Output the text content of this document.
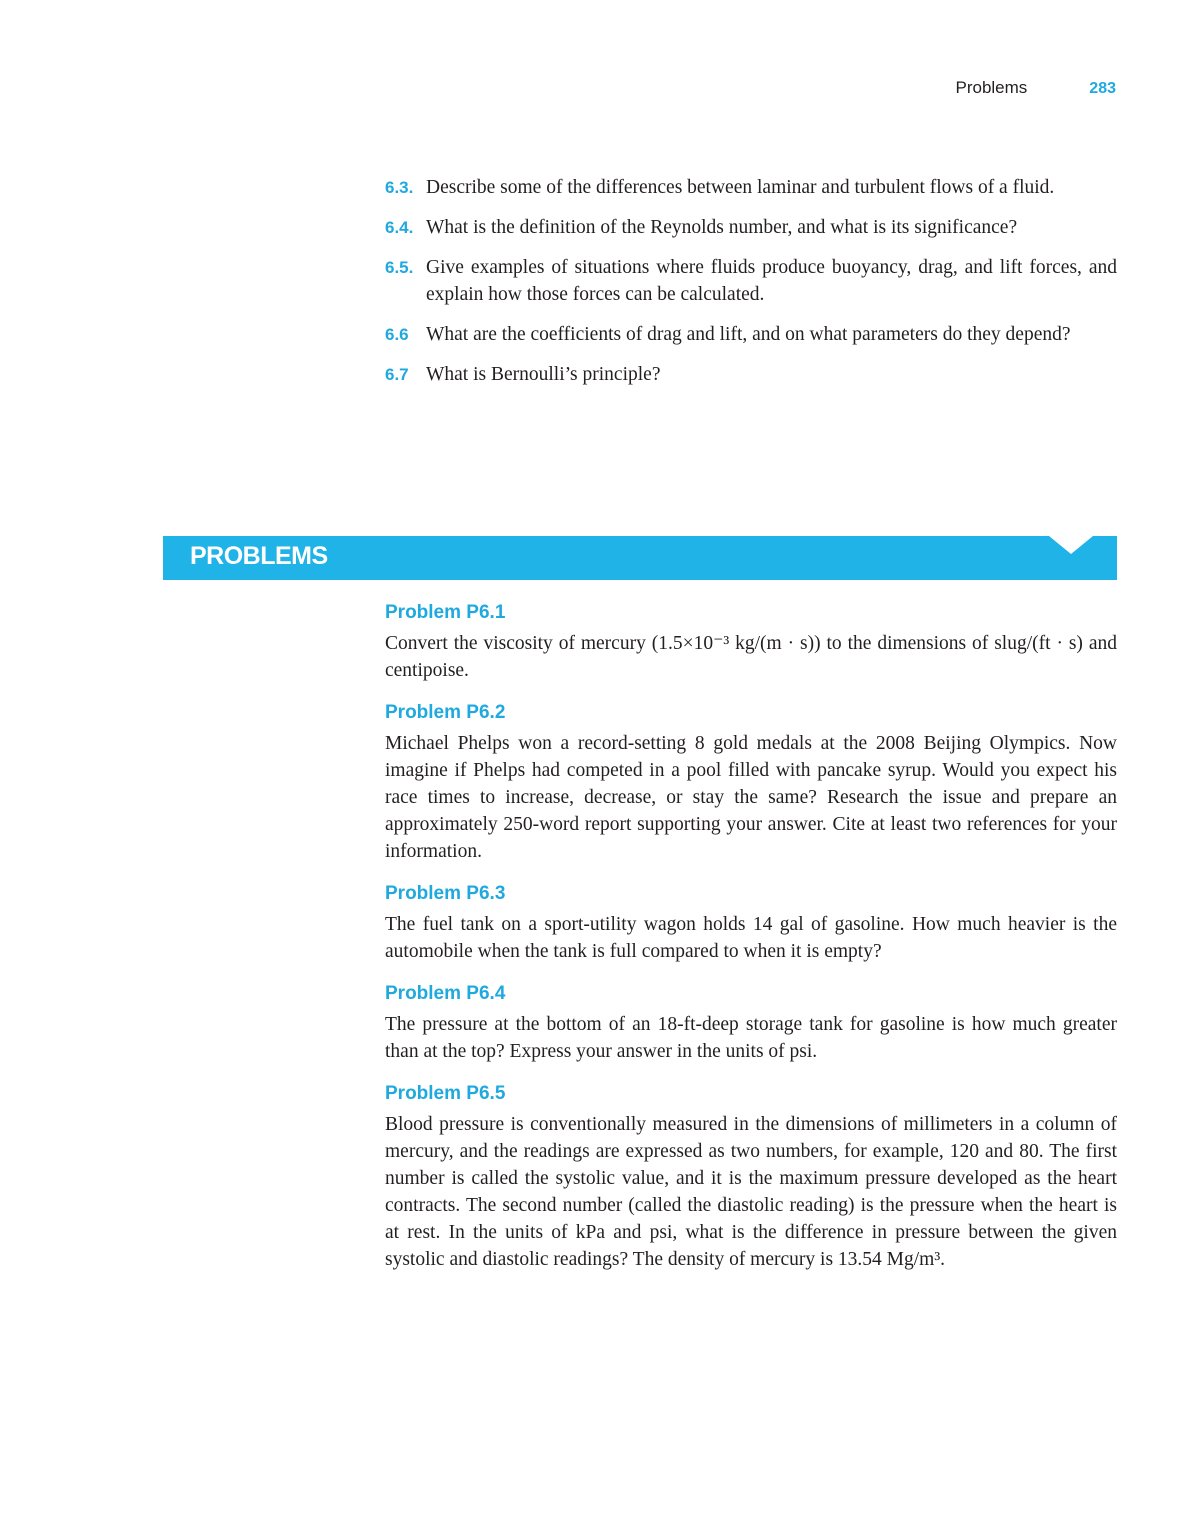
Problems	283
6.3. Describe some of the differences between laminar and turbulent flows of a fluid.
6.4. What is the definition of the Reynolds number, and what is its significance?
6.5. Give examples of situations where fluids produce buoyancy, drag, and lift forces, and explain how those forces can be calculated.
6.6 What are the coefficients of drag and lift, and on what parameters do they depend?
6.7 What is Bernoulli’s principle?
PROBLEMS
Problem P6.1
Convert the viscosity of mercury (1.5×10⁻³ kg/(m · s)) to the dimensions of slug/(ft · s) and centipoise.
Problem P6.2
Michael Phelps won a record-setting 8 gold medals at the 2008 Beijing Olympics. Now imagine if Phelps had competed in a pool filled with pancake syrup. Would you expect his race times to increase, decrease, or stay the same? Research the issue and prepare an approximately 250-word report supporting your answer. Cite at least two references for your information.
Problem P6.3
The fuel tank on a sport-utility wagon holds 14 gal of gasoline. How much heavier is the automobile when the tank is full compared to when it is empty?
Problem P6.4
The pressure at the bottom of an 18-ft-deep storage tank for gasoline is how much greater than at the top? Express your answer in the units of psi.
Problem P6.5
Blood pressure is conventionally measured in the dimensions of millimeters in a column of mercury, and the readings are expressed as two numbers, for example, 120 and 80. The first number is called the systolic value, and it is the maximum pressure developed as the heart contracts. The second number (called the diastolic reading) is the pressure when the heart is at rest. In the units of kPa and psi, what is the difference in pressure between the given systolic and diastolic readings? The density of mercury is 13.54 Mg/m³.
